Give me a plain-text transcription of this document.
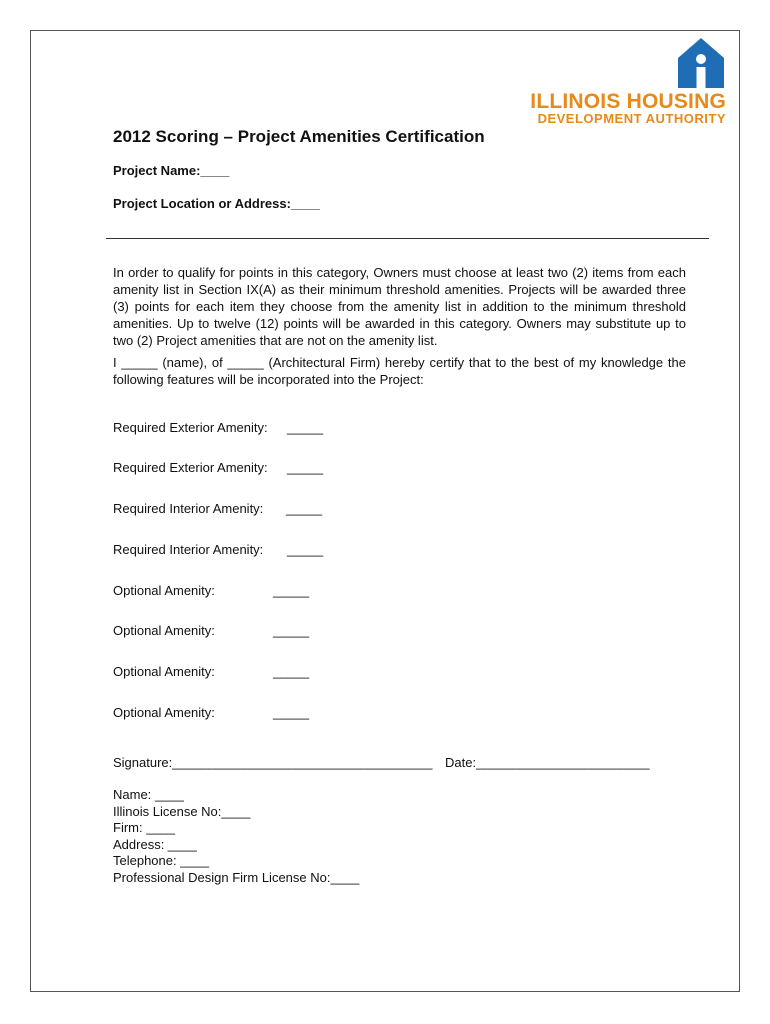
ILLINOIS HOUSING
DEVELOPMENT AUTHORITY
2012 Scoring – Project Amenities Certification
Project Name:____
Project Location or Address:____
In order to qualify for points in this category, Owners must choose at least two (2) items from each amenity list in Section IX(A) as their minimum threshold amenities. Projects will be awarded three (3) points for each item they choose from the amenity list in addition to the minimum threshold amenities. Up to twelve (12) points will be awarded in this category. Owners may substitute up to two (2) Project amenities that are not on the amenity list.
I _____ (name), of _____ (Architectural Firm) hereby certify that to the best of my knowledge the following features will be incorporated into the Project:
Required Exterior Amenity: _____
Required Exterior Amenity: _____
Required Interior Amenity: _____
Required Interior Amenity: _____
Optional Amenity:	_____
Optional Amenity:	_____
Optional Amenity:	_____
Optional Amenity:	_____
Signature:____________________________________ Date:________________________
Name: ____
Illinois License No:____
Firm: ____
Address: ____
Telephone: ____
Professional Design Firm License No:____
